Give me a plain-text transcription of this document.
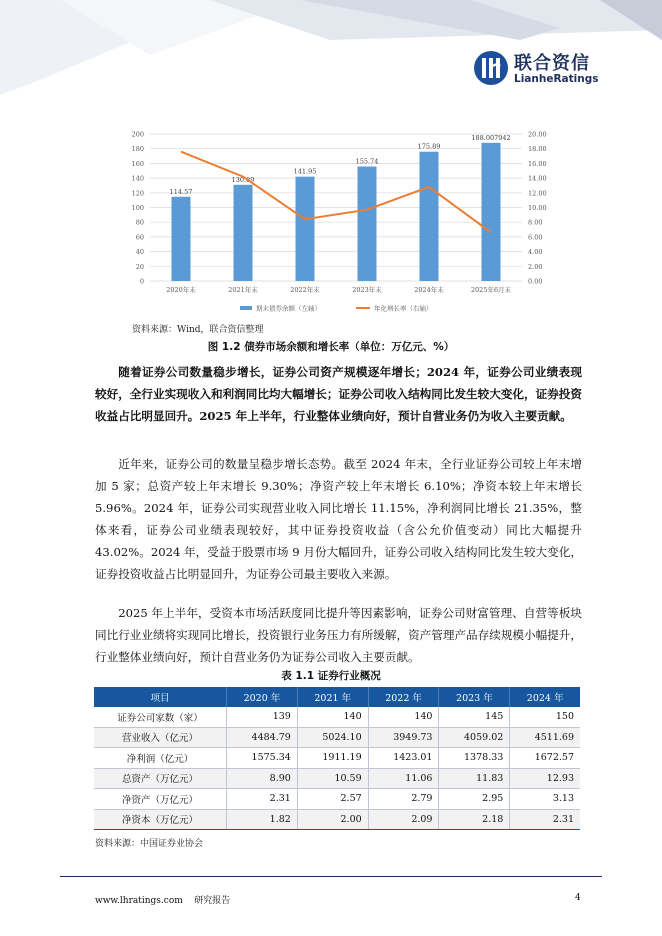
联合资信
LianheRatings
0
20
40
60
80
100
120
140
160
180
200
0.00
2.00
4.00
6.00
8.00
10.00
12.00
14.00
16.00
18.00
20.00
114.57
2020年末
130.89
2021年末
141.95
2022年末
155.74
2023年末
175.89
2024年末
188.007942
2025年6月末
期末债券余额（左轴）	年化增长率（右轴）
资料来源：Wind，联合资信整理
图 1.2 债券市场余额和增长率（单位：万亿元、%）

随着证券公司数量稳步增长，证券公司资产规模逐年增长；2024 年，证券公司业绩表现较好，全行业实现收入和利润同比均大幅增长；证券公司收入结构同比发生较大变化，证券投资收益占比明显回升。2025 年上半年，行业整体业绩向好，预计自营业务仍为收入主要贡献。

近年来，证券公司的数量呈稳步增长态势。截至 2024 年末，全行业证券公司较上年末增加 5 家；总资产较上年末增长 9.30%；净资产较上年末增长 6.10%；净资本较上年末增长 5.96%。2024 年，证券公司实现营业收入同比增长 11.15%，净利润同比增长 21.35%，整体来看，证券公司业绩表现较好，其中证券投资收益（含公允价值变动）同比大幅提升 43.02%。2024 年，受益于股票市场 9 月份大幅回升，证券公司收入结构同比发生较大变化，证券投资收益占比明显回升，为证券公司最主要收入来源。

2025 年上半年，受资本市场活跃度同比提升等因素影响，证券公司财富管理、自营等板块同比行业业绩将实现同比增长，投资银行业务压力有所缓解，资产管理产品存续规模小幅提升，行业整体业绩向好，预计自营业务仍为证券公司收入主要贡献。

表 1.1 证券行业概况
项目	2020 年	2021 年	2022 年	2023 年	2024 年
证券公司家数（家）	139	140	140	145	150
营业收入（亿元）	4484.79	5024.10	3949.73	4059.02	4511.69
净利润（亿元）	1575.34	1911.19	1423.01	1378.33	1672.57
总资产（万亿元）	8.90	10.59	11.06	11.83	12.93
净资产（万亿元）	2.31	2.57	2.79	2.95	3.13
净资本（万亿元）	1.82	2.00	2.09	2.18	2.31
资料来源：中国证券业协会
www.lhratings.com 研究报告	4
